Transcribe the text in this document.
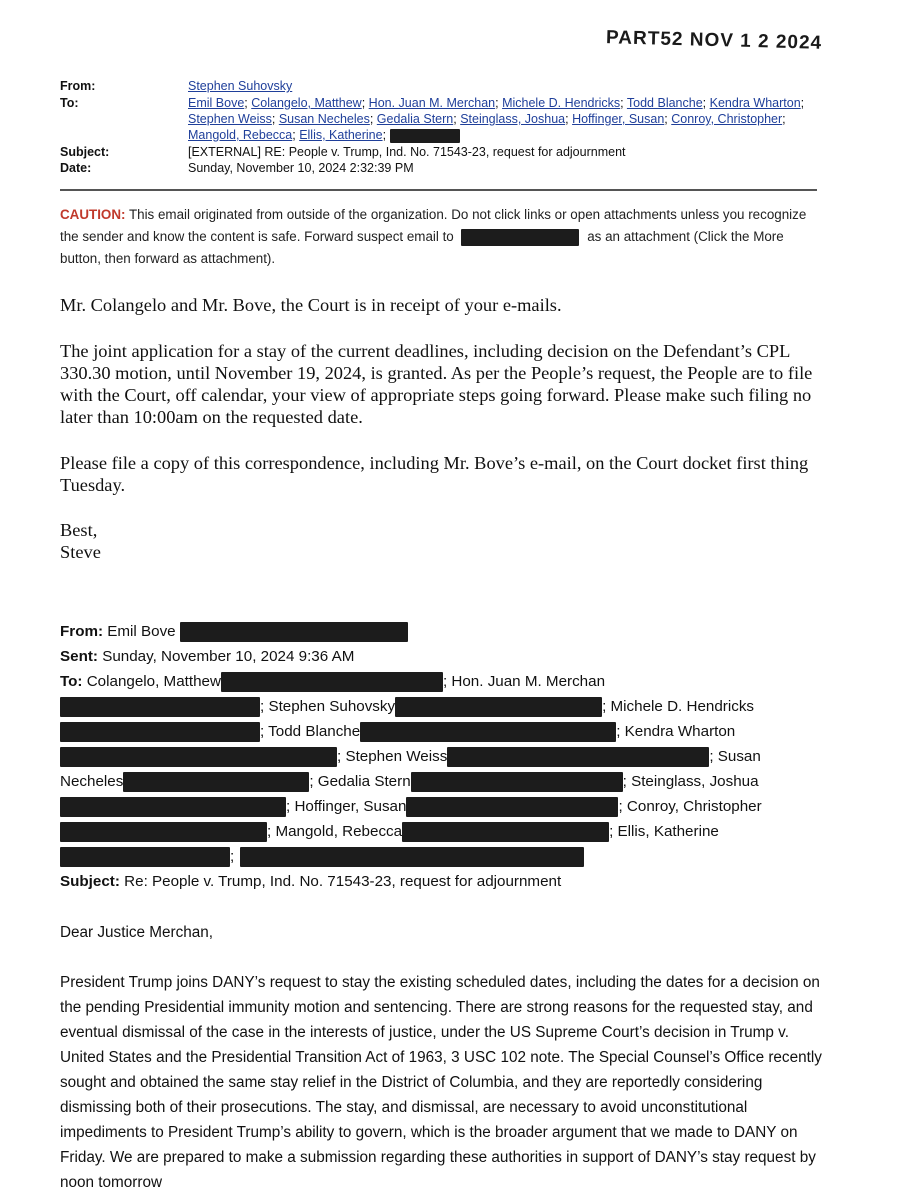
PART52 NOV 1 2 2024
From:	Stephen Suhovsky
To:	Emil Bove; Colangelo, Matthew; Hon. Juan M. Merchan; Michele D. Hendricks; Todd Blanche; Kendra Wharton;
Stephen Weiss; Susan Necheles; Gedalia Stern; Steinglass, Joshua; Hoffinger, Susan; Conroy, Christopher;
Mangold, Rebecca; Ellis, Katherine;
Subject:	[EXTERNAL] RE: People v. Trump, Ind. No. 71543-23, request for adjournment
Date:	Sunday, November 10, 2024 2:32:39 PM
CAUTION: This email originated from outside of the organization. Do not click links or open attachments unless you recognize the sender and know the content is safe. Forward suspect email to	as an attachment (Click the More button, then forward as attachment).
Mr. Colangelo and Mr. Bove, the Court is in receipt of your e-mails.
The joint application for a stay of the current deadlines, including decision on the Defendant’s CPL 330.30 motion, until November 19, 2024, is granted. As per the People’s request, the People are to file with the Court, off calendar, your view of appropriate steps going forward. Please make such filing no later than 10:00am on the requested date.
Please file a copy of this correspondence, including Mr. Bove’s e-mail, on the Court docket first thing Tuesday.
Best,
Steve
From: Emil Bove
Sent: Sunday, November 10, 2024 9:36 AM
To: Colangelo, Matthew	; Hon. Juan M. Merchan
; Stephen Suhovsky	; Michele D. Hendricks
; Todd Blanche	; Kendra Wharton
; Stephen Weiss	; Susan
Necheles	; Gedalia Stern	; Steinglass, Joshua
; Hoffinger, Susan	; Conroy, Christopher
; Mangold, Rebecca	; Ellis, Katherine
;
Subject: Re: People v. Trump, Ind. No. 71543-23, request for adjournment
Dear Justice Merchan,
President Trump joins DANY’s request to stay the existing scheduled dates, including the dates for a decision on the pending Presidential immunity motion and sentencing. There are strong reasons for the requested stay, and eventual dismissal of the case in the interests of justice, under the US Supreme Court’s decision in Trump v. United States and the Presidential Transition Act of 1963, 3 USC 102 note. The Special Counsel’s Office recently sought and obtained the same stay relief in the District of Columbia, and they are reportedly considering dismissing both of their prosecutions. The stay, and dismissal, are necessary to avoid unconstitutional impediments to President Trump’s ability to govern, which is the broader argument that we made to DANY on Friday. We are prepared to make a submission regarding these authorities in support of DANY’s stay request by noon tomorrow
